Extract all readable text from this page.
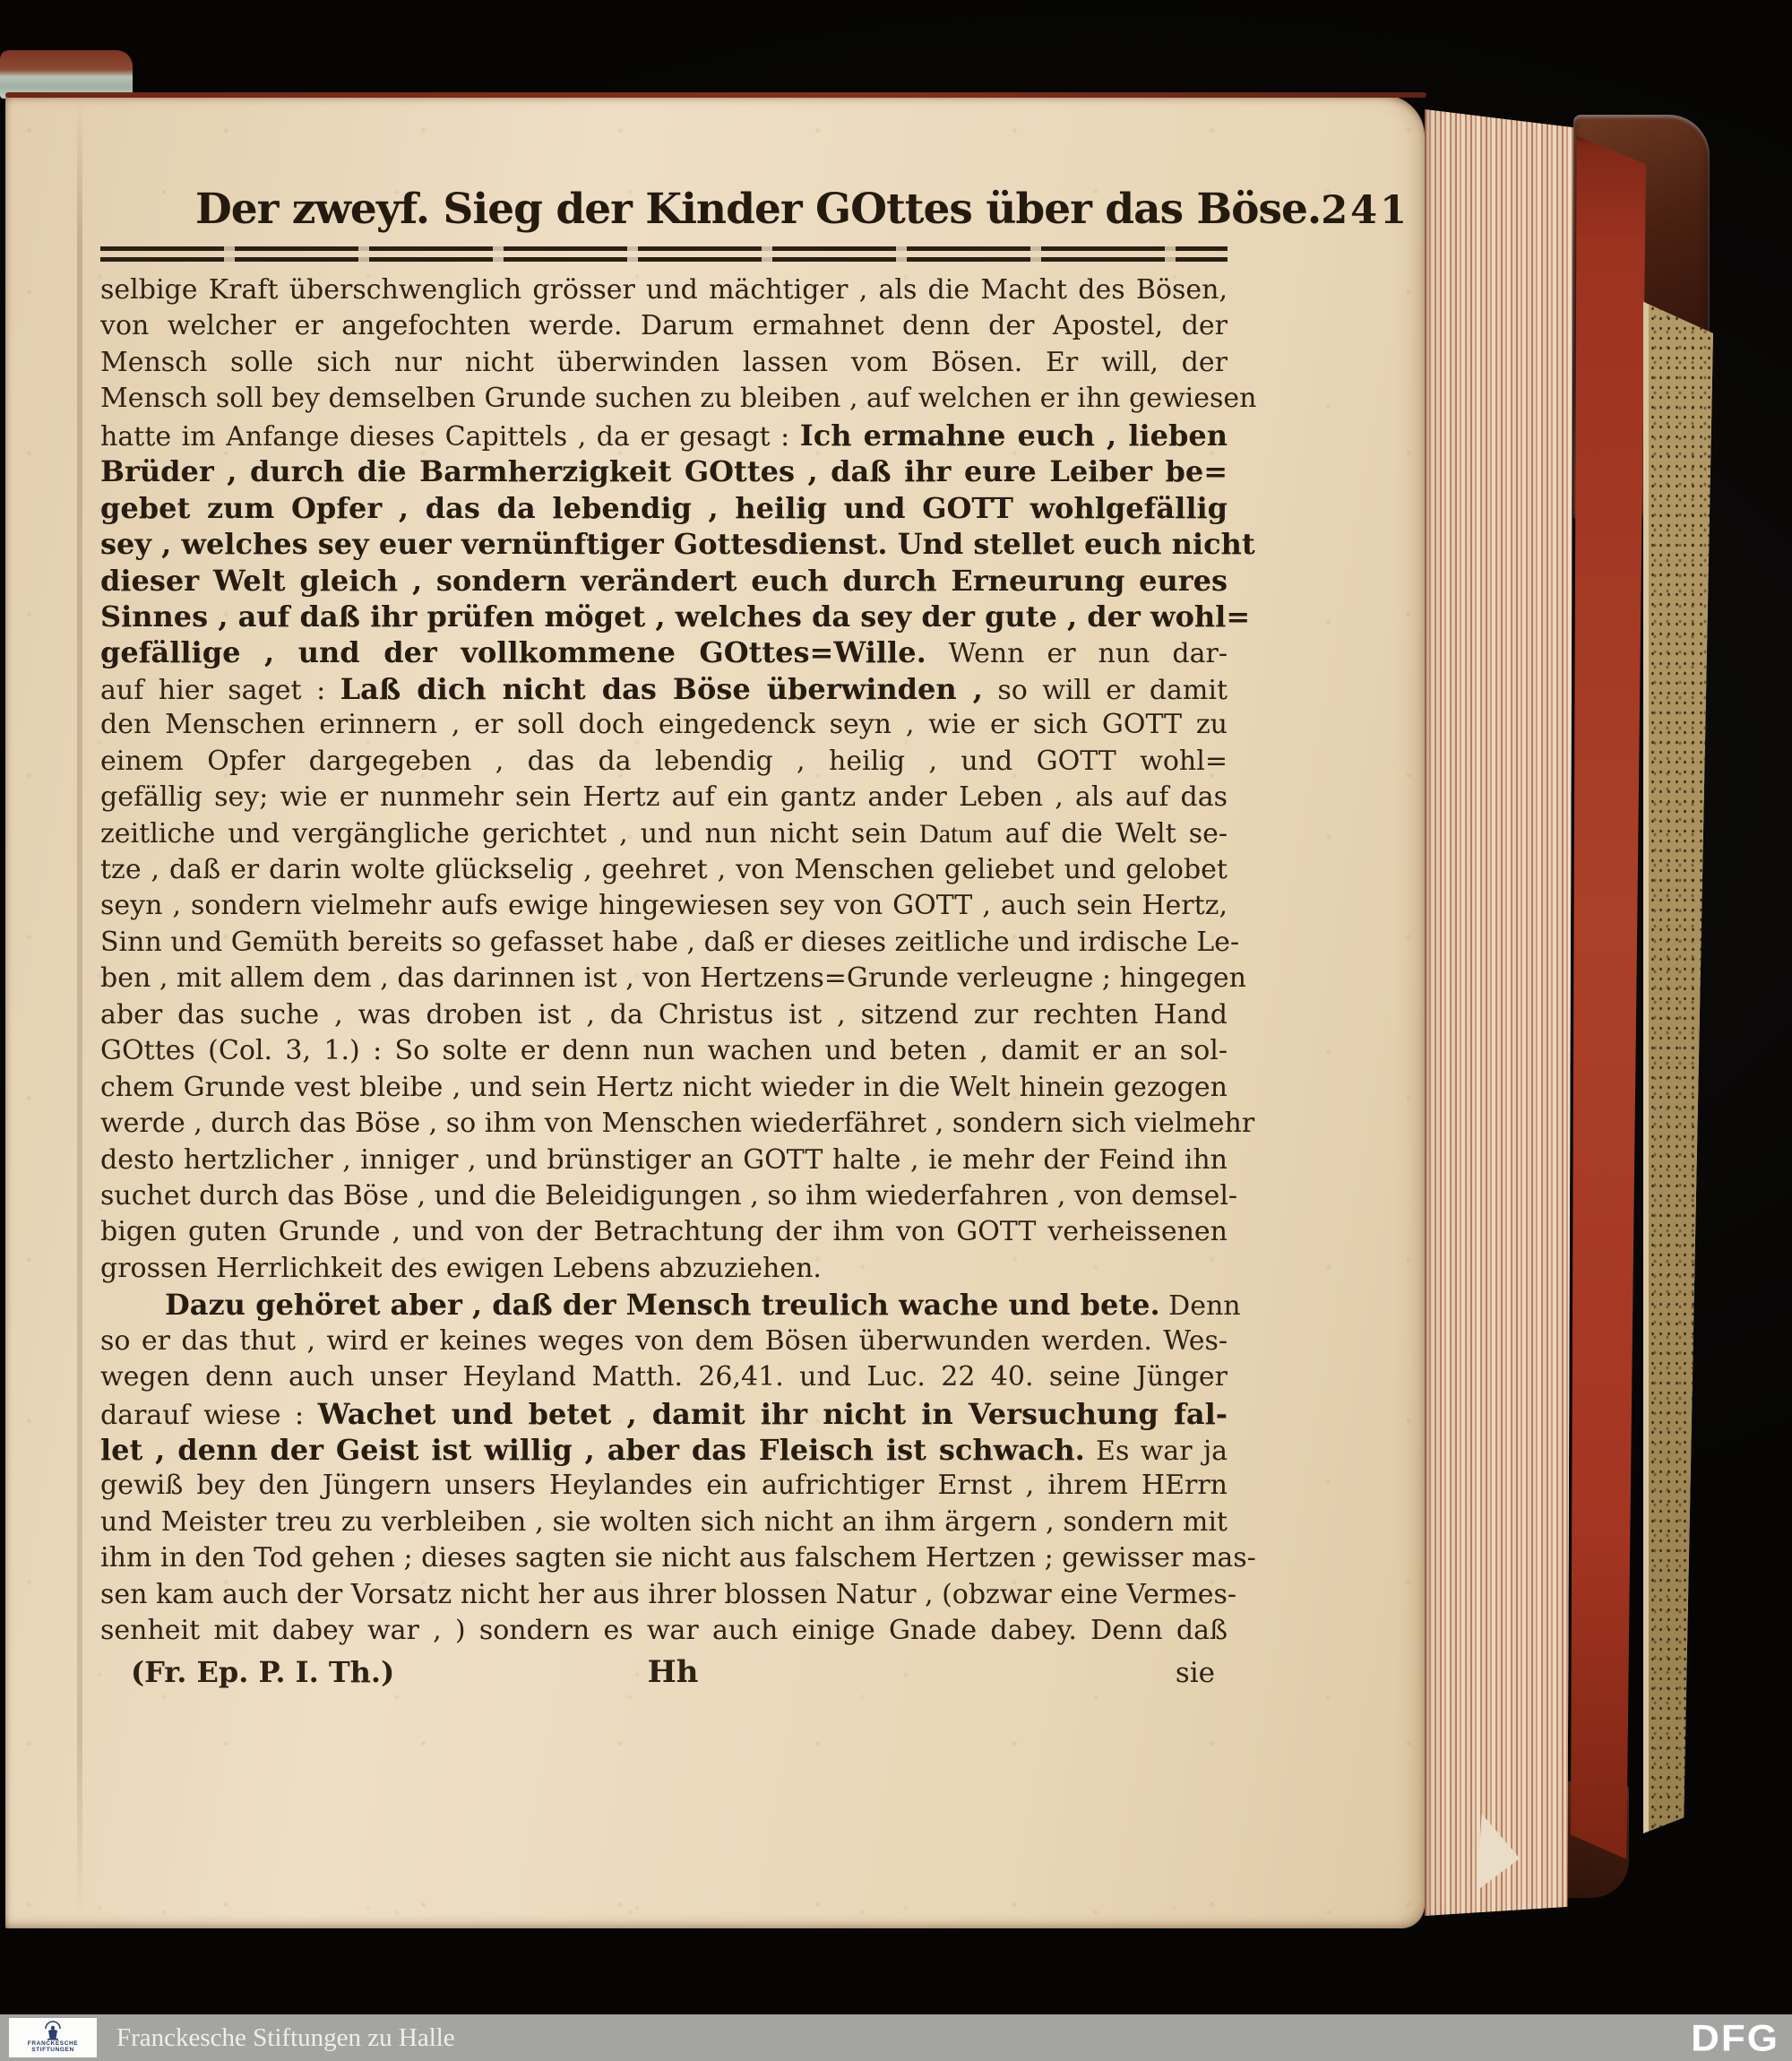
Der zweyf. Sieg der Kinder GOttes über das Böse. 241
selbige Kraft überschwenglich grösser und mächtiger , als die Macht des Bösen,
von welcher er angefochten werde. Darum ermahnet denn der Apostel, der
Mensch solle sich nur nicht überwinden lassen vom Bösen. Er will, der
Mensch soll bey demselben Grunde suchen zu bleiben , auf welchen er ihn gewiesen
hatte im Anfange dieses Capittels , da er gesagt : Ich ermahne euch , lieben
Brüder , durch die Barmherzigkeit GOttes , daß ihr eure Leiber be=
gebet zum Opfer , das da lebendig , heilig und GOTT wohlgefällig
sey , welches sey euer vernünftiger Gottesdienst. Und stellet euch nicht
dieser Welt gleich , sondern verändert euch durch Erneurung eures
Sinnes , auf daß ihr prüfen möget , welches da sey der gute , der wohl=
gefällige , und der vollkommene GOttes=Wille. Wenn er nun dar-
auf hier saget : Laß dich nicht das Böse überwinden , so will er damit
den Menschen erinnern , er soll doch eingedenck seyn , wie er sich GOTT zu
einem Opfer dargegeben , das da lebendig , heilig , und GOTT wohl=
gefällig sey; wie er nunmehr sein Hertz auf ein gantz ander Leben , als auf das
zeitliche und vergängliche gerichtet , und nun nicht sein Datum auf die Welt se-
tze , daß er darin wolte glückselig , geehret , von Menschen geliebet und gelobet
seyn , sondern vielmehr aufs ewige hingewiesen sey von GOTT , auch sein Hertz,
Sinn und Gemüth bereits so gefasset habe , daß er dieses zeitliche und irdische Le-
ben , mit allem dem , das darinnen ist , von Hertzens=Grunde verleugne ; hingegen
aber das suche , was droben ist , da Christus ist , sitzend zur rechten Hand
GOttes (Col. 3, 1.) : So solte er denn nun wachen und beten , damit er an sol-
chem Grunde vest bleibe , und sein Hertz nicht wieder in die Welt hinein gezogen
werde , durch das Böse , so ihm von Menschen wiederfähret , sondern sich vielmehr
desto hertzlicher , inniger , und brünstiger an GOTT halte , ie mehr der Feind ihn
suchet durch das Böse , und die Beleidigungen , so ihm wiederfahren , von demsel-
bigen guten Grunde , und von der Betrachtung der ihm von GOTT verheissenen
grossen Herrlichkeit des ewigen Lebens abzuziehen.
Dazu gehöret aber , daß der Mensch treulich wache und bete. Denn
so er das thut , wird er keines weges von dem Bösen überwunden werden. Wes-
wegen denn auch unser Heyland Matth. 26,41. und Luc. 22 40. seine Jünger
darauf wiese : Wachet und betet , damit ihr nicht in Versuchung fal-
let , denn der Geist ist willig , aber das Fleisch ist schwach. Es war ja
gewiß bey den Jüngern unsers Heylandes ein aufrichtiger Ernst , ihrem HErrn
und Meister treu zu verbleiben , sie wolten sich nicht an ihm ärgern , sondern mit
ihm in den Tod gehen ; dieses sagten sie nicht aus falschem Hertzen ; gewisser mas-
sen kam auch der Vorsatz nicht her aus ihrer blossen Natur , (obzwar eine Vermes-
senheit mit dabey war , ) sondern es war auch einige Gnade dabey. Denn daß
(Fr. Ep. P. I. Th.)	Hh	sie
FRANCKESCHE
STIFTUNGEN Franckesche Stiftungen zu Halle	DFG
